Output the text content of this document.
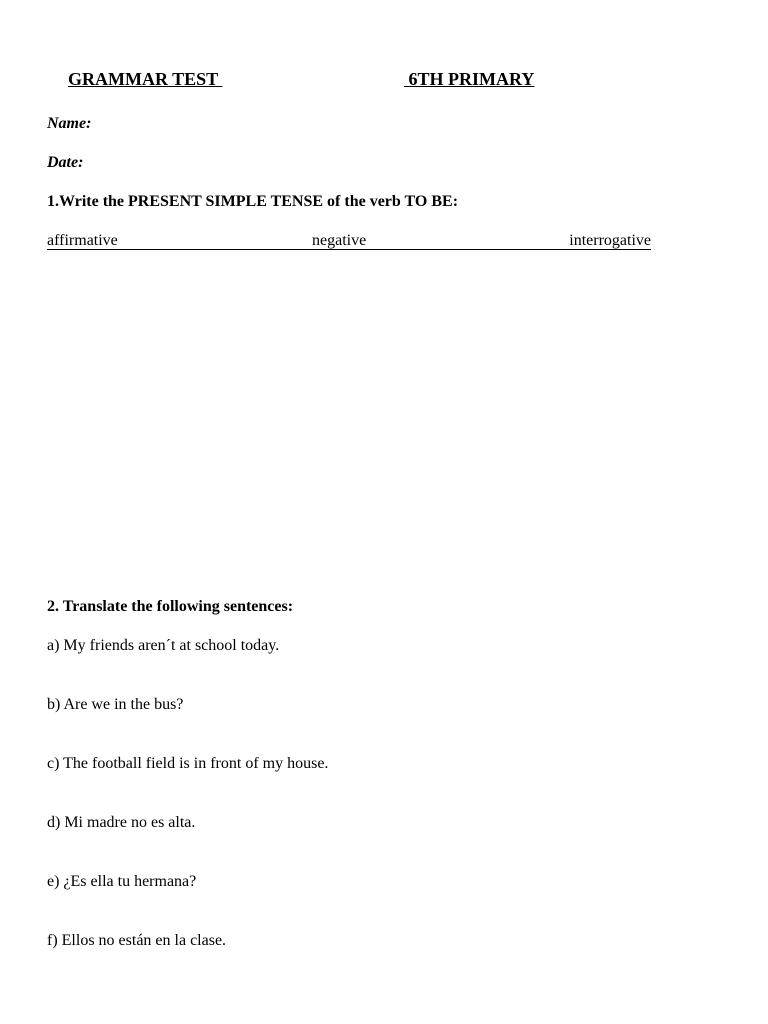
GRAMMAR TEST	6TH PRIMARY
Name:
Date:
1.Write the PRESENT SIMPLE TENSE of the verb TO BE:
affirmative	negative	interrogative
2. Translate the following sentences:
a) My friends aren´t at school today.
b) Are we in the bus?
c) The football field is in front of my house.
d) Mi madre no es alta.
e) ¿Es ella tu hermana?
f) Ellos no están en la clase.
